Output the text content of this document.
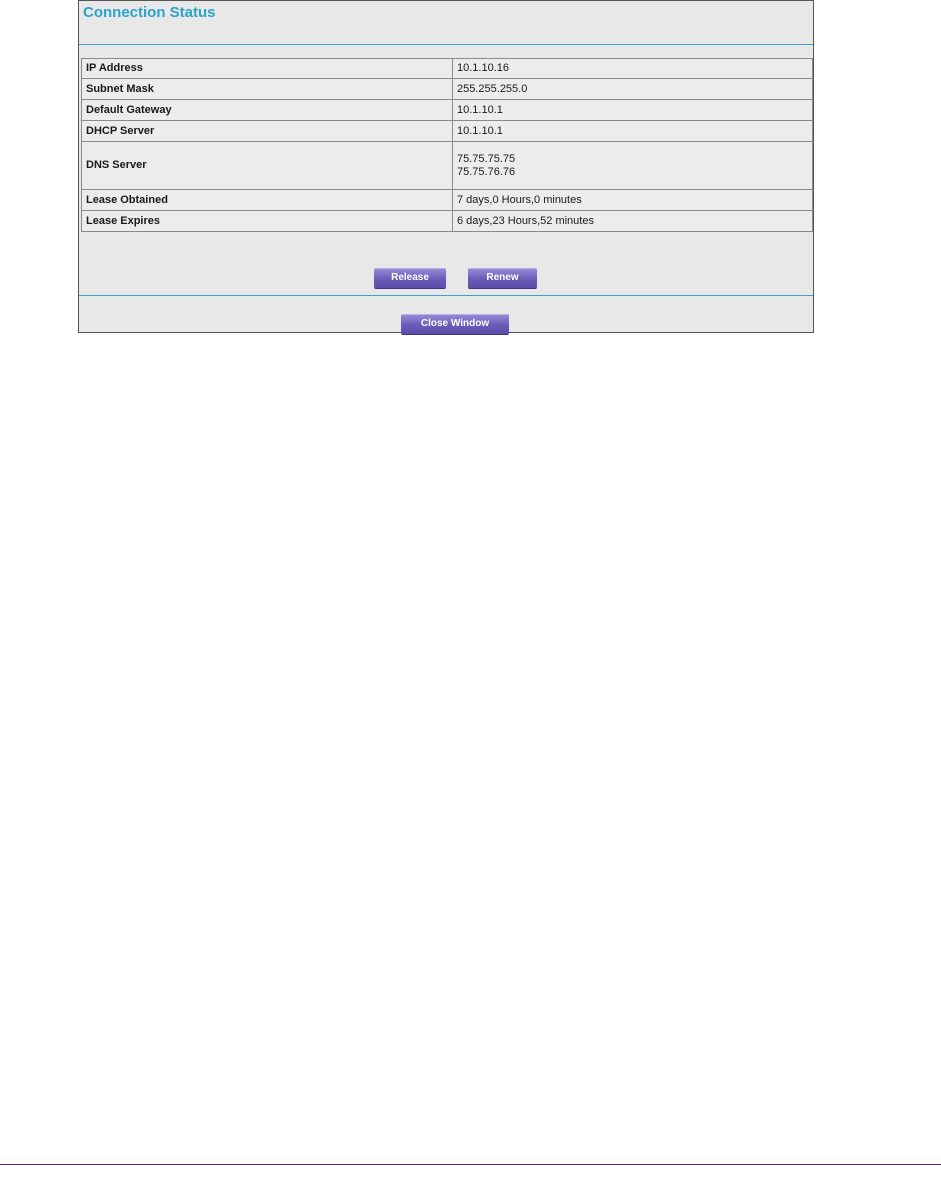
Connection Status
IP Address	10.1.10.16
Subnet Mask	255.255.255.0
Default Gateway	10.1.10.1
DHCP Server	10.1.10.1
DNS Server	75.75.75.75
75.75.76.76

Lease Obtained	7 days,0 Hours,0 minutes
Lease Expires	6 days,23 Hours,52 minutes
Release	Renew
Close Window
